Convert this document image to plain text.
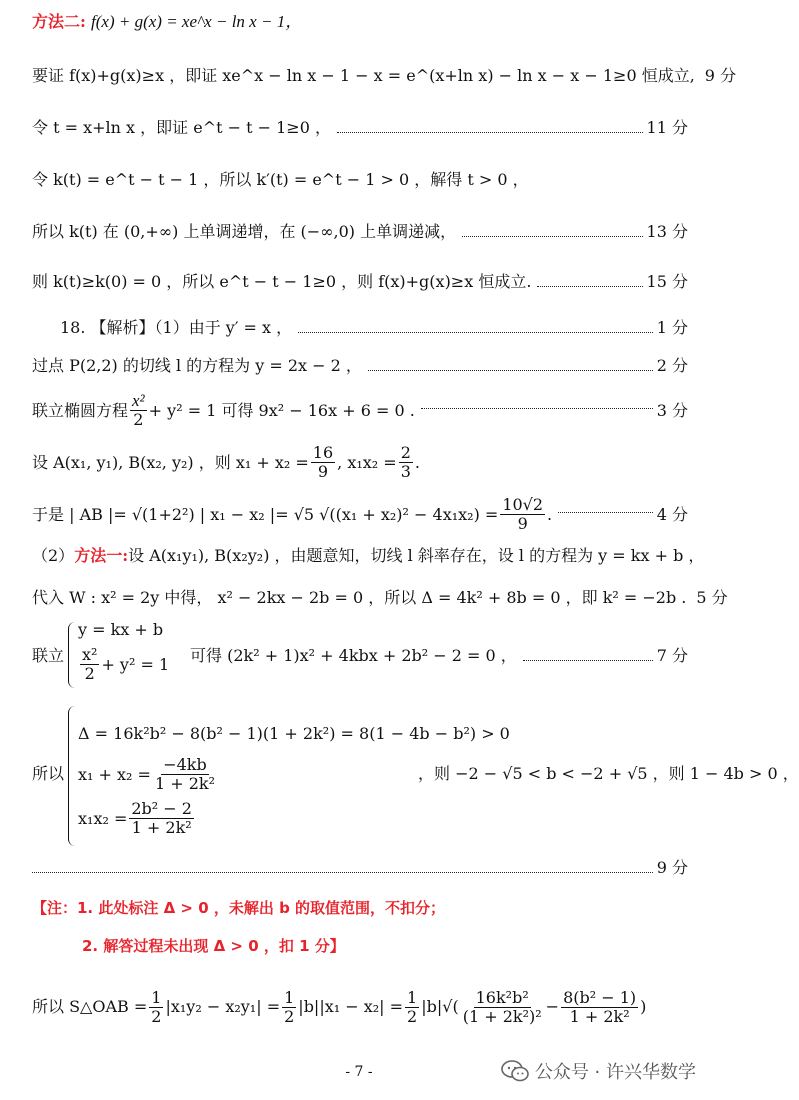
方法二: f(x) + g(x) = xe^x − ln x − 1，
要证 f(x)+g(x)≥x ，即证 xe^x − ln x − 1 − x = e^(x+ln x) − ln x − x − 1≥0 恒成立, 9 分
令 t = x+ln x ，即证 e^t − t − 1≥0 ，	11 分
令 k(t) = e^t − t − 1 ，所以 k′(t) = e^t − 1 > 0 ，解得 t > 0 ，
所以 k(t) 在 (0,+∞) 上单调递增，在 (−∞,0) 上单调递减，	13 分
则 k(t)≥k(0) = 0 ，所以 e^t − t − 1≥0 ，则 f(x)+g(x)≥x 恒成立.	15 分
18. 【解析】（1）由于 y′ = x ，	1 分
过点 P(2,2) 的切线 l 的方程为 y = 2x − 2 ，	2 分
联立椭圆方程 $\frac{\text{x²}}{2} + y^2 = 1$ 可得 9x² − 16x + 6 = 0 .	3 分
设 A(x₁, y₁), B(x₂, y₂) ，则 $x_1 + x_2 = \frac{16}{9}$ , $x_1x_2 = \frac{2}{3}$ .
于是 | AB |= √(1+2²) | x₁ − x₂ |= √5 $√((x_1 + x_2)^2 - 4x_1x_2) = \frac{10√2}{9}$ .	4 分
（2）方法一:设 A(x₁y₁), B(x₂y₂) ，由题意知，切线 l 斜率存在，设 l 的方程为 y = kx + b ，
代入 W : x² = 2y 中得， x² − 2kx − 2b = 0 ，所以 Δ = 4k² + 8b = 0 ，即 k² = −2b . 5 分
联立
y = kx + b
$\frac{\text{x²}}{2} + y^2 = 1$ 可得 (2k² + 1)x² + 4kbx + 2b² − 2 = 0 ，	7 分
所以
Δ = 16k²b² − 8(b² − 1)(1 + 2k²) = 8(1 − 4b − b²) > 0
$x_1 + x_2 = \frac{-4kb}{\text{1 + 2k²}}$
$x_1x_2 = \frac{\text{2b² − 2}}{\text{1 + 2k²}}$
，则 −2 − √5 < b < −2 + √5 ，则 1 − 4b > 0 ，
9 分
【注：1. 此处标注 Δ > 0 ，未解出 b 的取值范围，不扣分；
2. 解答过程未出现 Δ > 0 ，扣 1 分】
所以 S△OAB = $\frac{1}{2} |x_1y_2 - x_2y_1| = \frac{1}{2} |b||x_1 - x_2| = \frac{1}{2} |b|√( \frac{\text{16k²b²}}{\text{(1 + 2k²)²}} - \frac{\text{8(b² − 1)}}{\text{1 + 2k²}}$ )
- 7 -	公众号 · 许兴华数学
